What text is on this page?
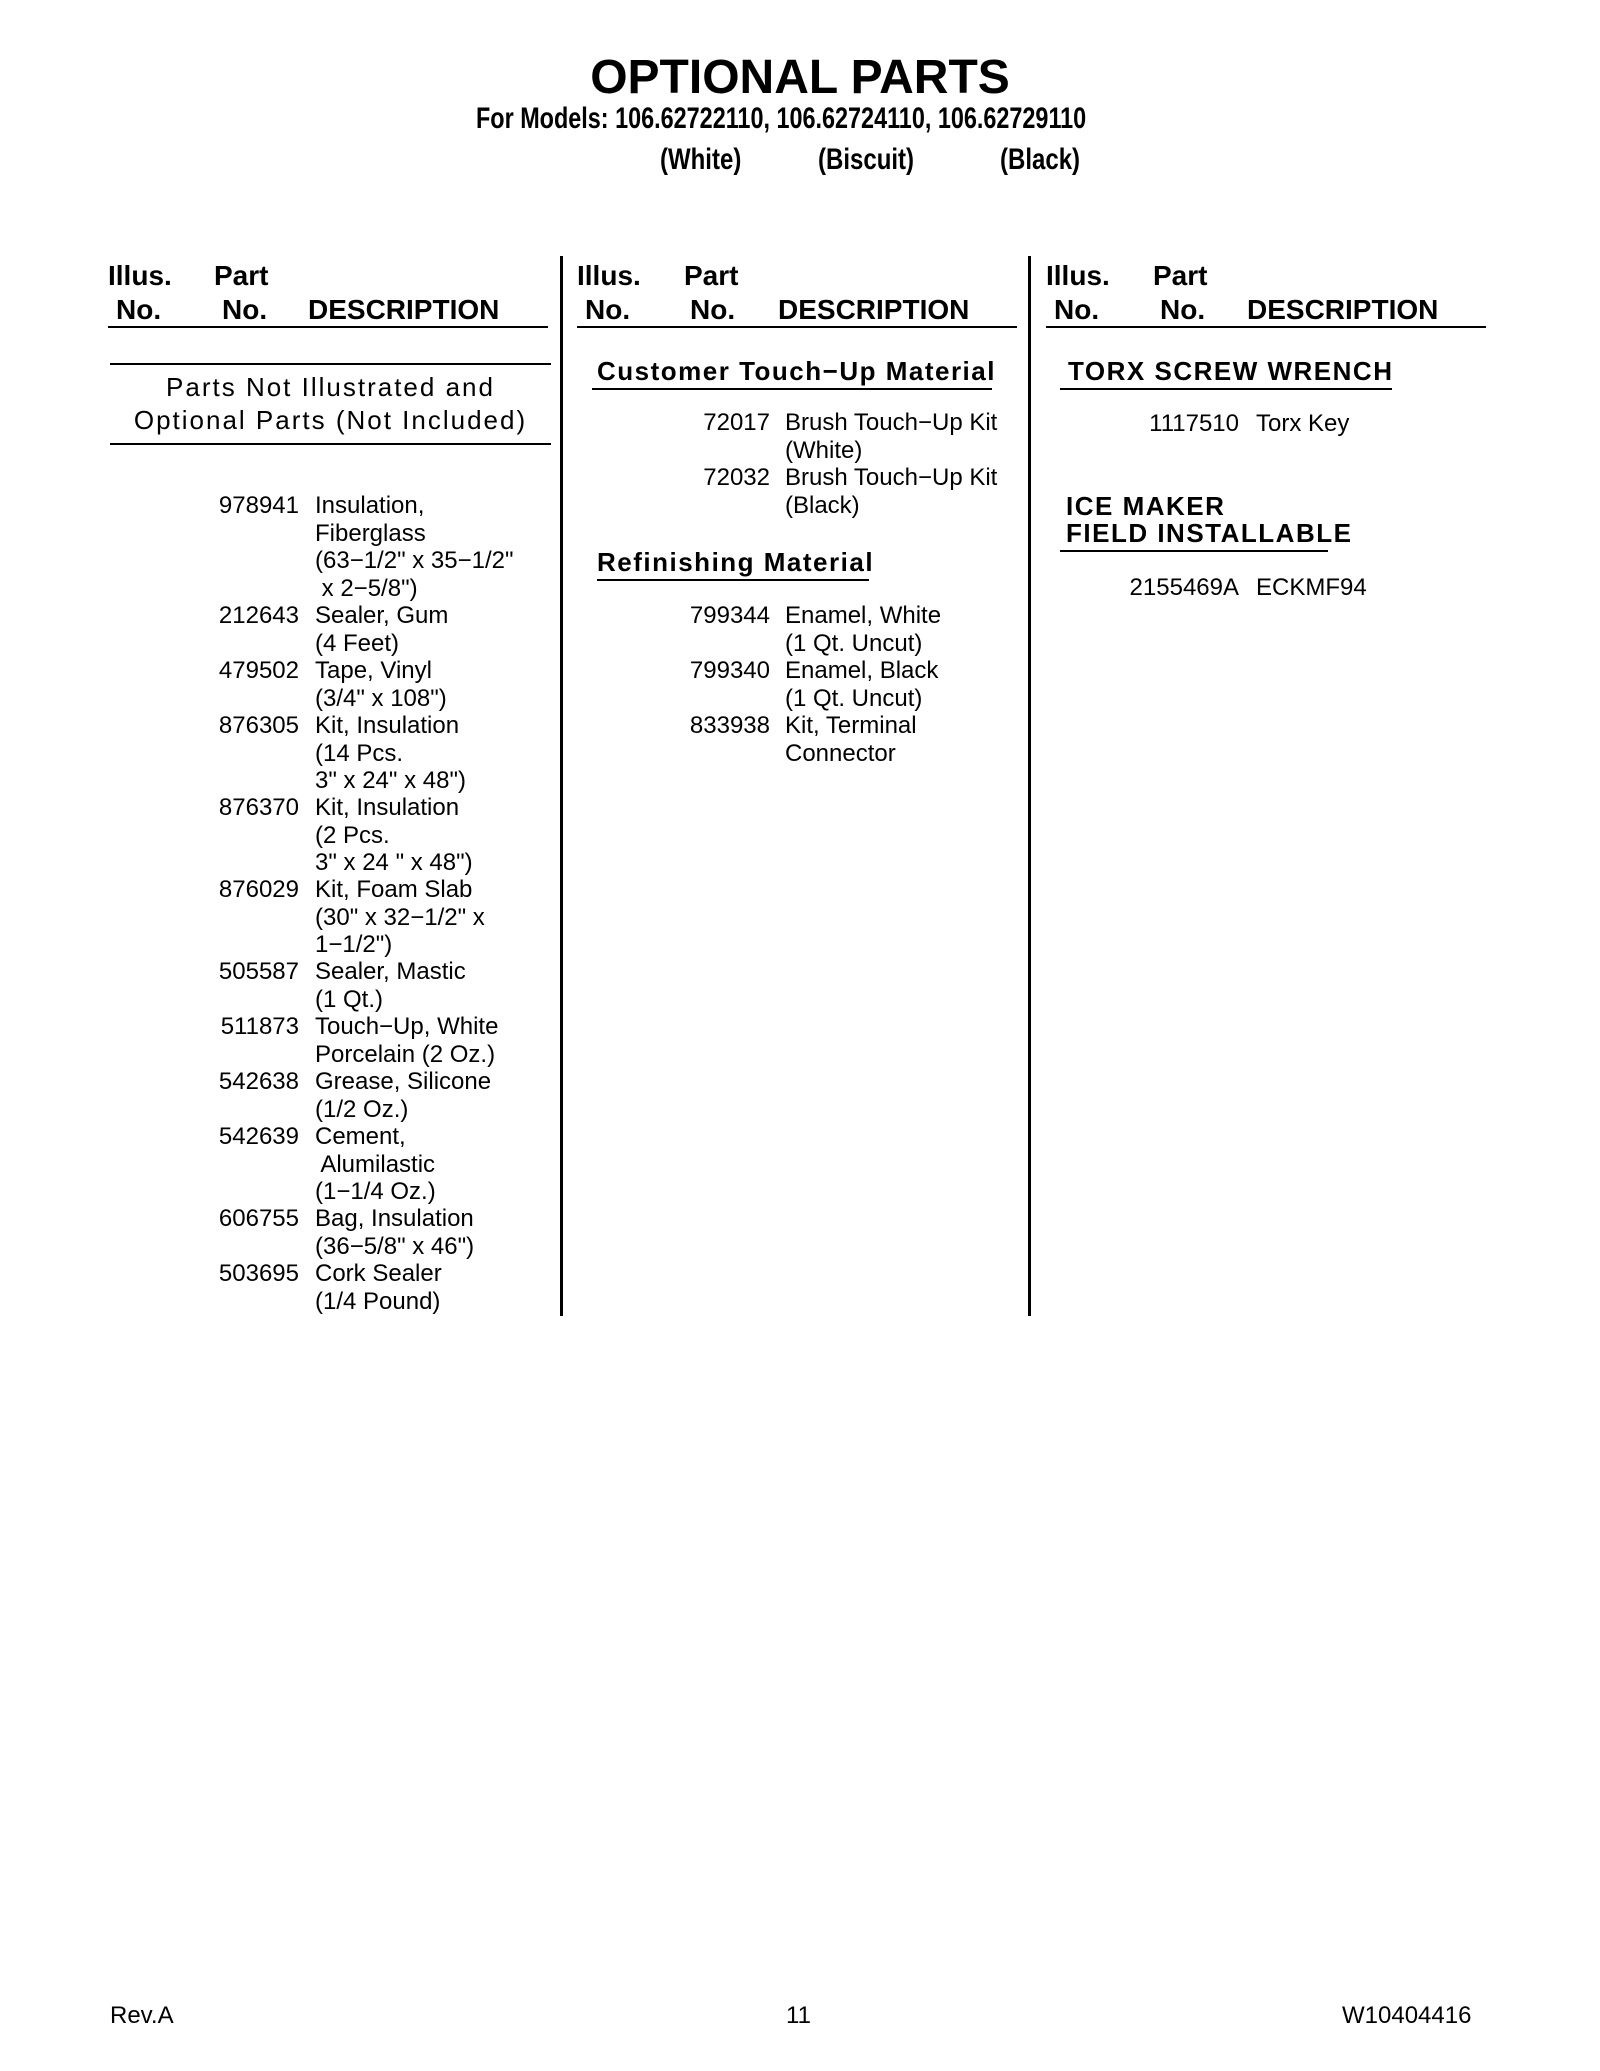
OPTIONAL PARTS
For Models: 106.62722110, 106.62724110, 106.62729110
(White)	(Biscuit)	(Black)
Illus. Part
No. No. DESCRIPTION
Illus. Part
No. No. DESCRIPTION
Illus. Part
No. No. DESCRIPTION
Parts Not Illustrated and
Optional Parts (Not Included)
978941 Insulation,
Fiberglass
(63−1/2" x 35−1/2"
x 2−5/8")
212643 Sealer, Gum
(4 Feet)
479502 Tape, Vinyl
(3/4" x 108")
876305 Kit, Insulation
(14 Pcs.
3" x 24" x 48")
876370 Kit, Insulation
(2 Pcs.
3" x 24 " x 48")
876029 Kit, Foam Slab
(30" x 32−1/2" x
1−1/2")
505587 Sealer, Mastic
(1 Qt.)
511873 Touch−Up, White
Porcelain (2 Oz.)
542638 Grease, Silicone
(1/2 Oz.)
542639 Cement,
Alumilastic
(1−1/4 Oz.)
606755 Bag, Insulation
(36−5/8" x 46")
503695 Cork Sealer
(1/4 Pound)
Customer Touch−Up Material
72017 Brush Touch−Up Kit
(White)
72032 Brush Touch−Up Kit
(Black)
Refinishing Material
799344 Enamel, White
(1 Qt. Uncut)
799340 Enamel, Black
(1 Qt. Uncut)
833938 Kit, Terminal
Connector
TORX SCREW WRENCH
1117510 Torx Key
ICE MAKER
FIELD INSTALLABLE
2155469A ECKMF94
Rev.A	11	W10404416
